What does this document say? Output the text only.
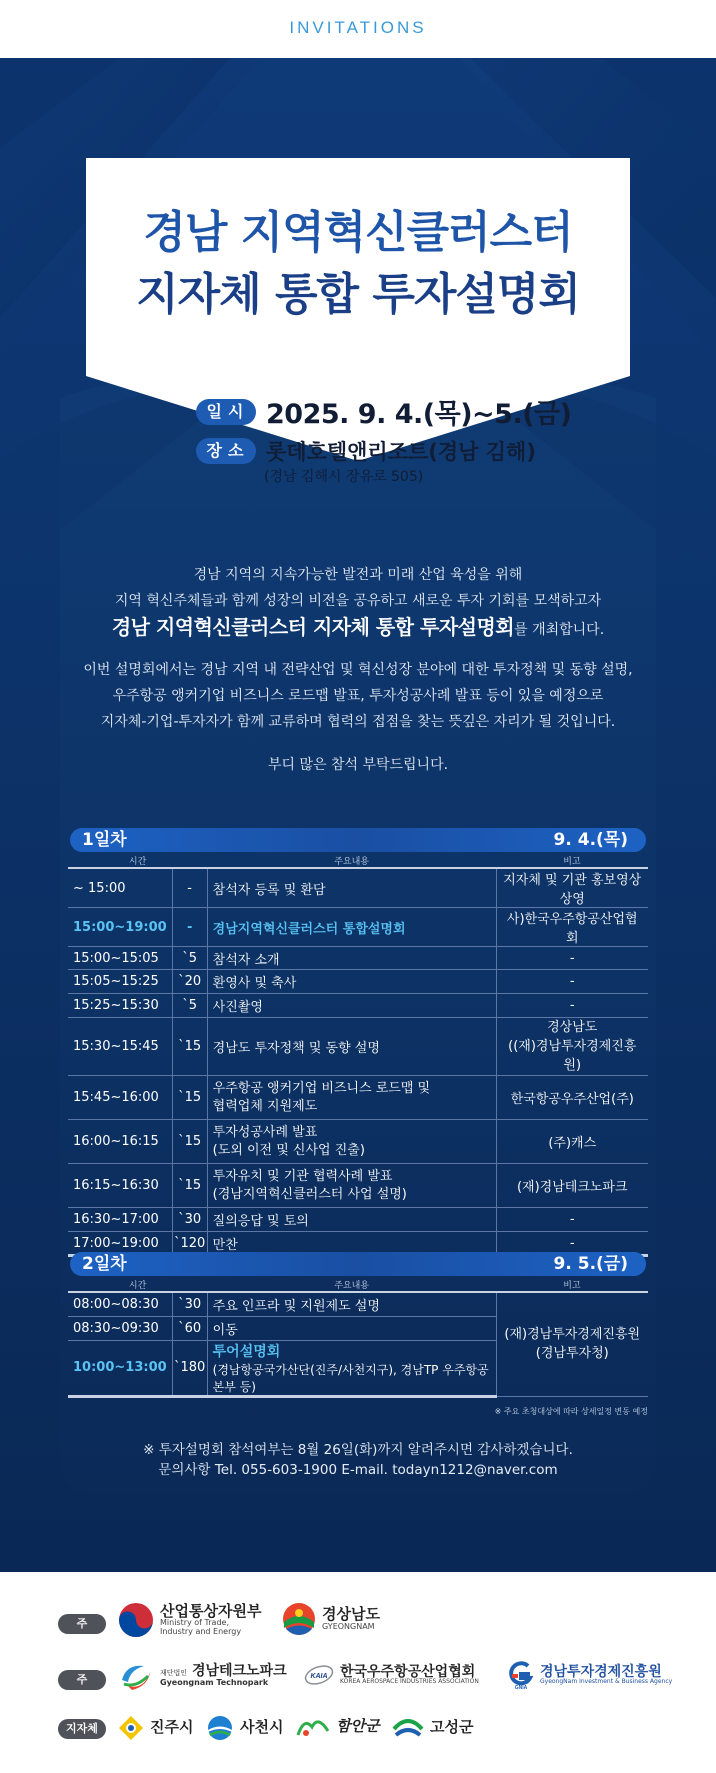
INVITATIONS
경남 지역혁신클러스터
지자체 통합 투자설명회
일시 2025. 9. 4.(목)~5.(금)
장소 롯데호텔앤리조트(경남 김해)
(경남 김해시 장유로 505)
경남 지역의 지속가능한 발전과 미래 산업 육성을 위해
지역 혁신주체들과 함께 성장의 비전을 공유하고 새로운 투자 기회를 모색하고자
경남 지역혁신클러스터 지자체 통합 투자설명회를 개최합니다.
이번 설명회에서는 경남 지역 내 전략산업 및 혁신성장 분야에 대한 투자정책 및 동향 설명,
우주항공 앵커기업 비즈니스 로드맵 발표, 투자성공사례 발표 등이 있을 예정으로
지자체-기업-투자자가 함께 교류하며 협력의 접점을 찾는 뜻깊은 자리가 될 것입니다.
부디 많은 참석 부탁드립니다.
1일차	9. 4.(목)
시간		주요내용	비고
~ 15:00	-	참석자 등록 및 환담	지자체 및 기관 홍보영상 상영
15:00~19:00	-	경남지역혁신클러스터 통합설명회	사)한국우주항공산업협회
15:00~15:05	`5	참석자 소개	-
15:05~15:25	`20	환영사 및 축사	-
15:25~15:30	`5	사진촬영	-
15:30~15:45	`15	경남도 투자정책 및 동향 설명	경상남도
((재)경남투자경제진흥원)
15:45~16:00	`15	우주항공 앵커기업 비즈니스 로드맵 및
협력업체 지원제도	한국항공우주산업(주)
16:00~16:15	`15	투자성공사례 발표
(도외 이전 및 신사업 진출)	(주)캐스
16:15~16:30	`15	투자유치 및 기관 협력사례 발표
(경남지역혁신클러스터 사업 설명)	(재)경남테크노파크
16:30~17:00	`30	질의응답 및 토의	-
17:00~19:00	`120	만찬	-
2일차	9. 5.(금)
시간		주요내용	비고
08:00~08:30	`30	주요 인프라 및 지원제도 설명	(재)경남투자경제진흥원
(경남투자청)
08:30~09:30	`60	이동	
10:00~13:00	`180	투어설명회
(경남항공국가산단(진주/사천지구), 경남TP 우주항공본부 등)	
※ 주요 초청대상에 따라 상세일정 변동 예정
※ 투자설명회 참석여부는 8월 26일(화)까지 알려주시면 감사하겠습니다.
문의사항 Tel. 055-603-1900 E-mail. todayn1212@naver.com
주 최
산업통상자원부
Ministry of Trade, Industry and Energy
경상남도
GYEONGNAM
주 관
재단법인 경남테크노파크
Gyeongnam Technopark
KAIA 한국우주항공산업협회
KOREA AEROSPACE INDUSTRIES ASSOCIATION
GNIA
경남투자경제진흥원
GyeongNam Investment & Business Agency
지자체	진주시	사천시	함안군	고성군
